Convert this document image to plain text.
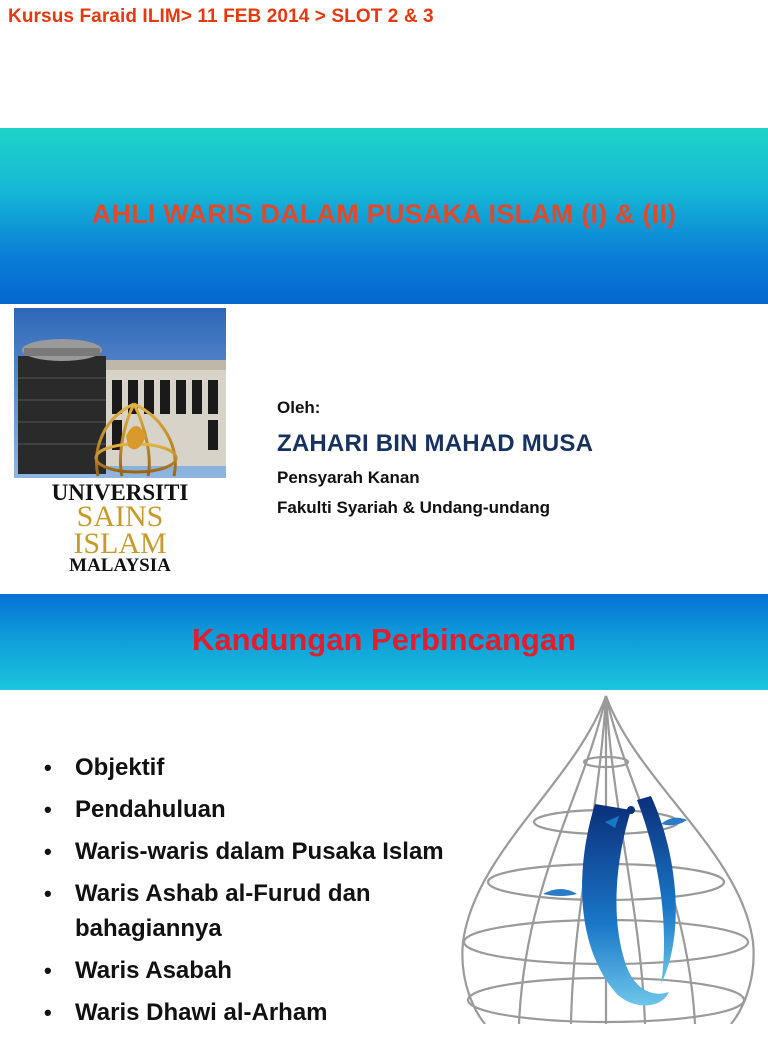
Kursus Faraid ILIM> 11 FEB 2014 > SLOT 2 & 3
AHLI WARIS DALAM PUSAKA ISLAM (I) & (II)
UNIVERSITI
SAINS
ISLAM
MALAYSIA
Oleh:
ZAHARI BIN MAHAD MUSA
Pensyarah Kanan
Fakulti Syariah & Undang-undang
Kandungan Perbincangan
• Objektif
• Pendahuluan
• Waris-waris dalam Pusaka Islam
• Waris Ashab al-Furud dan bahagiannya
• Waris Asabah
• Waris Dhawi al-Arham
